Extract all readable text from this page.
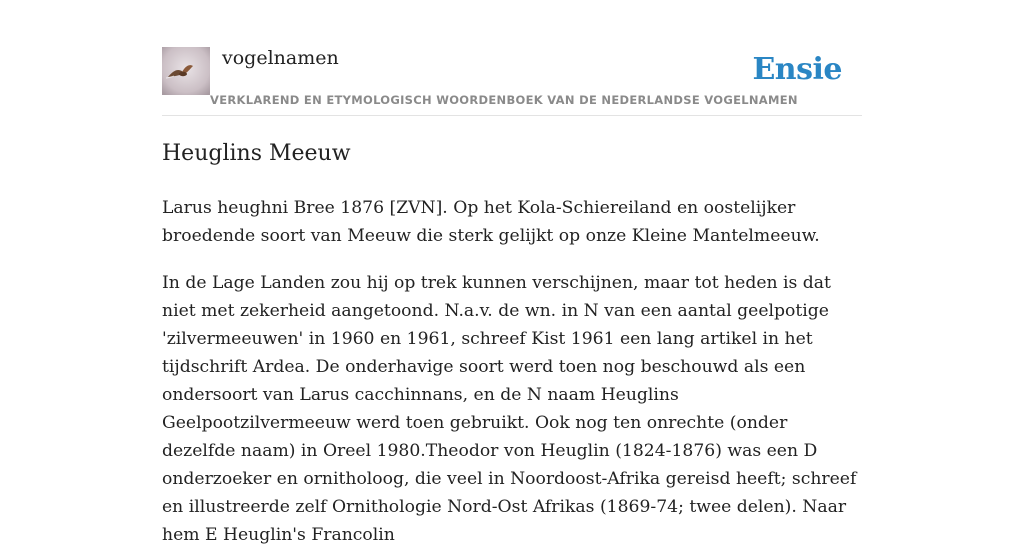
vogelnamen
VERKLAREND EN ETYMOLOGISCH WOORDENBOEK VAN DE NEDERLANDSE VOGELNAMEN
Ensie
Heuglins Meeuw

Larus heughni Bree 1876 [ZVN]. Op het Kola-Schiereiland en oostelijker broedende soort van Meeuw die sterk gelijkt op onze Kleine Mantelmeeuw.

In de Lage Landen zou hij op trek kunnen verschijnen, maar tot heden is dat niet met zekerheid aangetoond. N.a.v. de wn. in N van een aantal geelpotige 'zilvermeeuwen' in 1960 en 1961, schreef Kist 1961 een lang artikel in het tijdschrift Ardea. De onderhavige soort werd toen nog beschouwd als een ondersoort van Larus cacchinnans, en de N naam Heuglins Geelpootzilvermeeuw werd toen gebruikt. Ook nog ten onrechte (onder dezelfde naam) in Oreel 1980.Theodor von Heuglin (1824-1876) was een D onderzoeker en ornitholoog, die veel in Noordoost-Afrika gereisd heeft; schreef en illustreerde zelf Ornithologie Nord-Ost Afrikas (1869-74; twee delen). Naar hem E Heuglin's Francolin
